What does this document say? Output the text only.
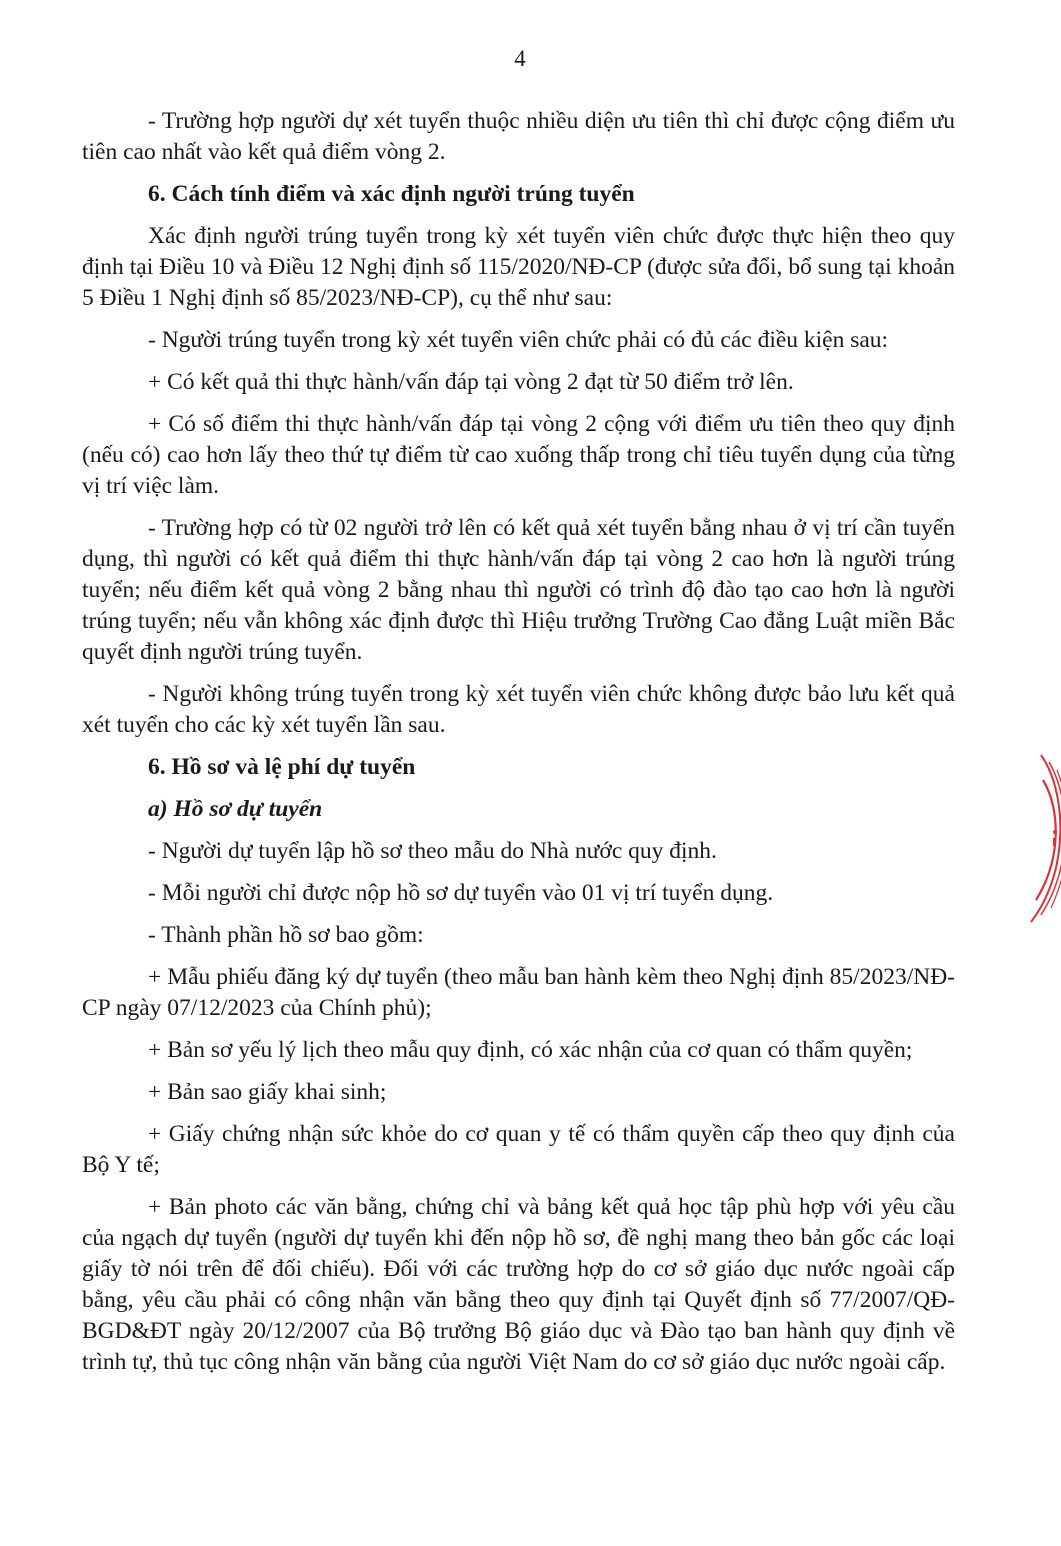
4

- Trường hợp người dự xét tuyển thuộc nhiều diện ưu tiên thì chỉ được cộng điểm ưu tiên cao nhất vào kết quả điểm vòng 2.

6. Cách tính điểm và xác định người trúng tuyển

Xác định người trúng tuyển trong kỳ xét tuyển viên chức được thực hiện theo quy định tại Điều 10 và Điều 12 Nghị định số 115/2020/NĐ-CP (được sửa đổi, bổ sung tại khoản 5 Điều 1 Nghị định số 85/2023/NĐ-CP), cụ thể như sau:

- Người trúng tuyển trong kỳ xét tuyển viên chức phải có đủ các điều kiện sau:

+ Có kết quả thi thực hành/vấn đáp tại vòng 2 đạt từ 50 điểm trở lên.

+ Có số điểm thi thực hành/vấn đáp tại vòng 2 cộng với điểm ưu tiên theo quy định (nếu có) cao hơn lấy theo thứ tự điểm từ cao xuống thấp trong chỉ tiêu tuyển dụng của từng vị trí việc làm.

- Trường hợp có từ 02 người trở lên có kết quả xét tuyển bằng nhau ở vị trí cần tuyển dụng, thì người có kết quả điểm thi thực hành/vấn đáp tại vòng 2 cao hơn là người trúng tuyển; nếu điểm kết quả vòng 2 bằng nhau thì người có trình độ đào tạo cao hơn là người trúng tuyển; nếu vẫn không xác định được thì Hiệu trưởng Trường Cao đẳng Luật miền Bắc quyết định người trúng tuyển.

- Người không trúng tuyển trong kỳ xét tuyển viên chức không được bảo lưu kết quả xét tuyển cho các kỳ xét tuyển lần sau.

6. Hồ sơ và lệ phí dự tuyển

a) Hồ sơ dự tuyển

- Người dự tuyển lập hồ sơ theo mẫu do Nhà nước quy định.

- Mỗi người chỉ được nộp hồ sơ dự tuyển vào 01 vị trí tuyển dụng.

- Thành phần hồ sơ bao gồm:

+ Mẫu phiếu đăng ký dự tuyển (theo mẫu ban hành kèm theo Nghị định 85/2023/NĐ-CP ngày 07/12/2023 của Chính phủ);

+ Bản sơ yếu lý lịch theo mẫu quy định, có xác nhận của cơ quan có thẩm quyền;

+ Bản sao giấy khai sinh;

+ Giấy chứng nhận sức khỏe do cơ quan y tế có thẩm quyền cấp theo quy định của Bộ Y tế;

+ Bản photo các văn bằng, chứng chỉ và bảng kết quả học tập phù hợp với yêu cầu của ngạch dự tuyển (người dự tuyển khi đến nộp hồ sơ, đề nghị mang theo bản gốc các loại giấy tờ nói trên để đối chiếu). Đối với các trường hợp do cơ sở giáo dục nước ngoài cấp bằng, yêu cầu phải có công nhận văn bằng theo quy định tại Quyết định số 77/2007/QĐ-BGD&ĐT ngày 20/12/2007 của Bộ trưởng Bộ giáo dục và Đào tạo ban hành quy định về trình tự, thủ tục công nhận văn bằng của người Việt Nam do cơ sở giáo dục nước ngoài cấp.
